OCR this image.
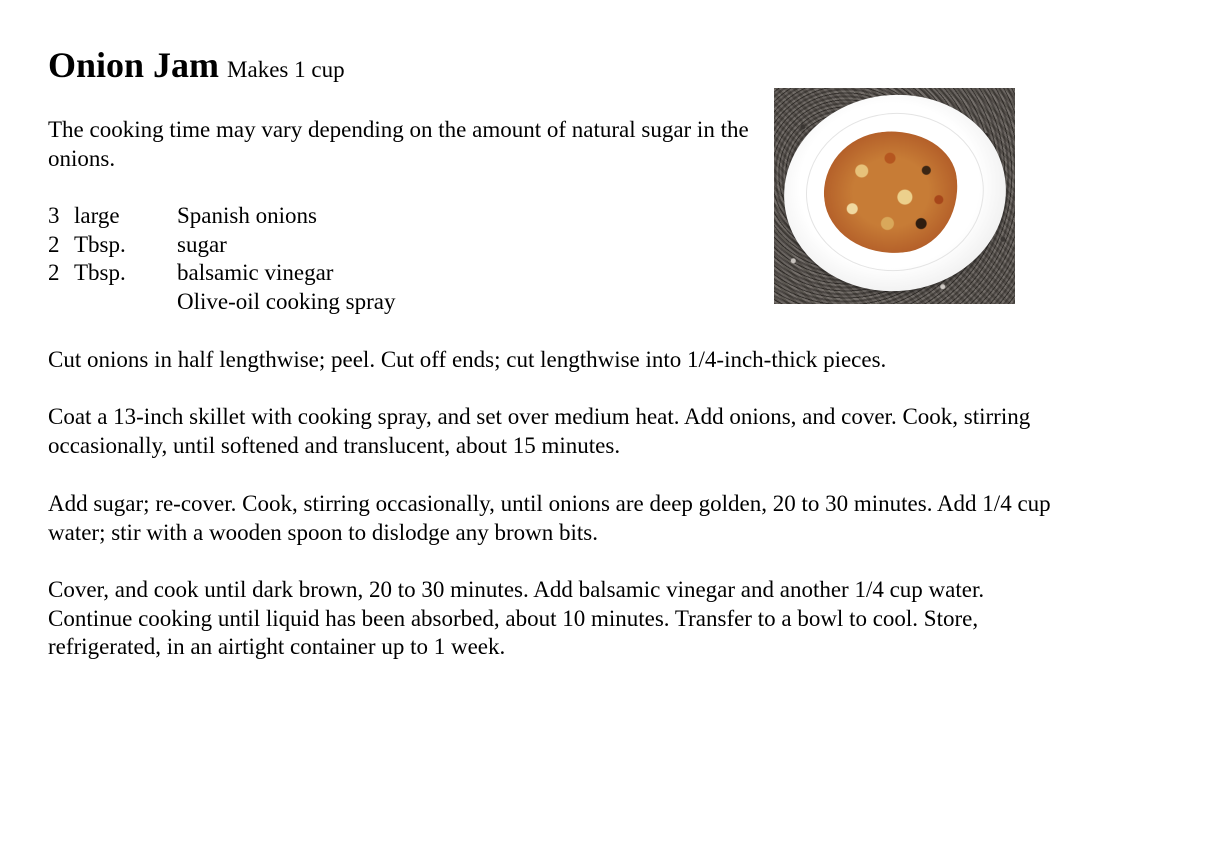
Onion Jam Makes 1 cup

The cooking time may vary depending on the amount of natural sugar in the onions.

3 large	Spanish onions
2 Tbsp.	sugar
2 Tbsp.	balsamic vinegar
Olive-oil cooking spray

Cut onions in half lengthwise; peel. Cut off ends; cut lengthwise into 1/4-inch-thick pieces.

Coat a 13-inch skillet with cooking spray, and set over medium heat. Add onions, and cover. Cook, stirring occasionally, until softened and translucent, about 15 minutes.

Add sugar; re-cover. Cook, stirring occasionally, until onions are deep golden, 20 to 30 minutes. Add 1/4 cup water; stir with a wooden spoon to dislodge any brown bits.

Cover, and cook until dark brown, 20 to 30 minutes. Add balsamic vinegar and another 1/4 cup water. Continue cooking until liquid has been absorbed, about 10 minutes. Transfer to a bowl to cool. Store, refrigerated, in an airtight container up to 1 week.
